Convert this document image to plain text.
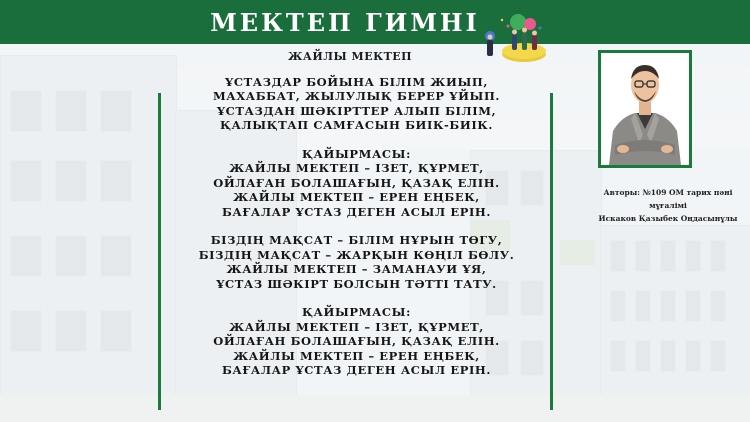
МЕКТЕП ГИМНІ
ЖАЙЛЫ МЕКТЕП
ҰСТАЗДАР БОЙЫНА БІЛІМ ЖИЫП,
МАХАББАТ, ЖЫЛУЛЫҚ БЕРЕР ҰЙЫП.
ҰСТАЗДАН ШӘКІРТТЕР АЛЫП БІЛІМ,
ҚАЛЫҚТАП САМҒАСЫН БИІК-БИІК.
ҚАЙЫРМАСЫ:
ЖАЙЛЫ МЕКТЕП – ІЗЕТ, ҚҰРМЕТ,
ОЙЛАҒАН БОЛАШАҒЫН, ҚАЗАҚ ЕЛІН.
ЖАЙЛЫ МЕКТЕП – ЕРЕН ЕҢБЕК,
БАҒАЛАР ҰСТАЗ ДЕГЕН АСЫЛ ЕРІН.
БІЗДІҢ МАҚСАТ – БІЛІМ НҰРЫН ТӨГУ,
БІЗДІҢ МАҚСАТ – ЖАРҚЫН КӨҢІЛ БӨЛУ.
ЖАЙЛЫ МЕКТЕП – ЗАМАНАУИ ҰЯ,
ҰСТАЗ ШӘКІРТ БОЛСЫН ТӘТТІ ТАТУ.
ҚАЙЫРМАСЫ:
ЖАЙЛЫ МЕКТЕП – ІЗЕТ, ҚҰРМЕТ,
ОЙЛАҒАН БОЛАШАҒЫН, ҚАЗАҚ ЕЛІН.
ЖАЙЛЫ МЕКТЕП – ЕРЕН ЕҢБЕК,
БАҒАЛАР ҰСТАЗ ДЕГЕН АСЫЛ ЕРІН.
Авторы: №109 ОМ тарих пәні мұғалімі
Искаков Қазыбек Оңдасынұлы
